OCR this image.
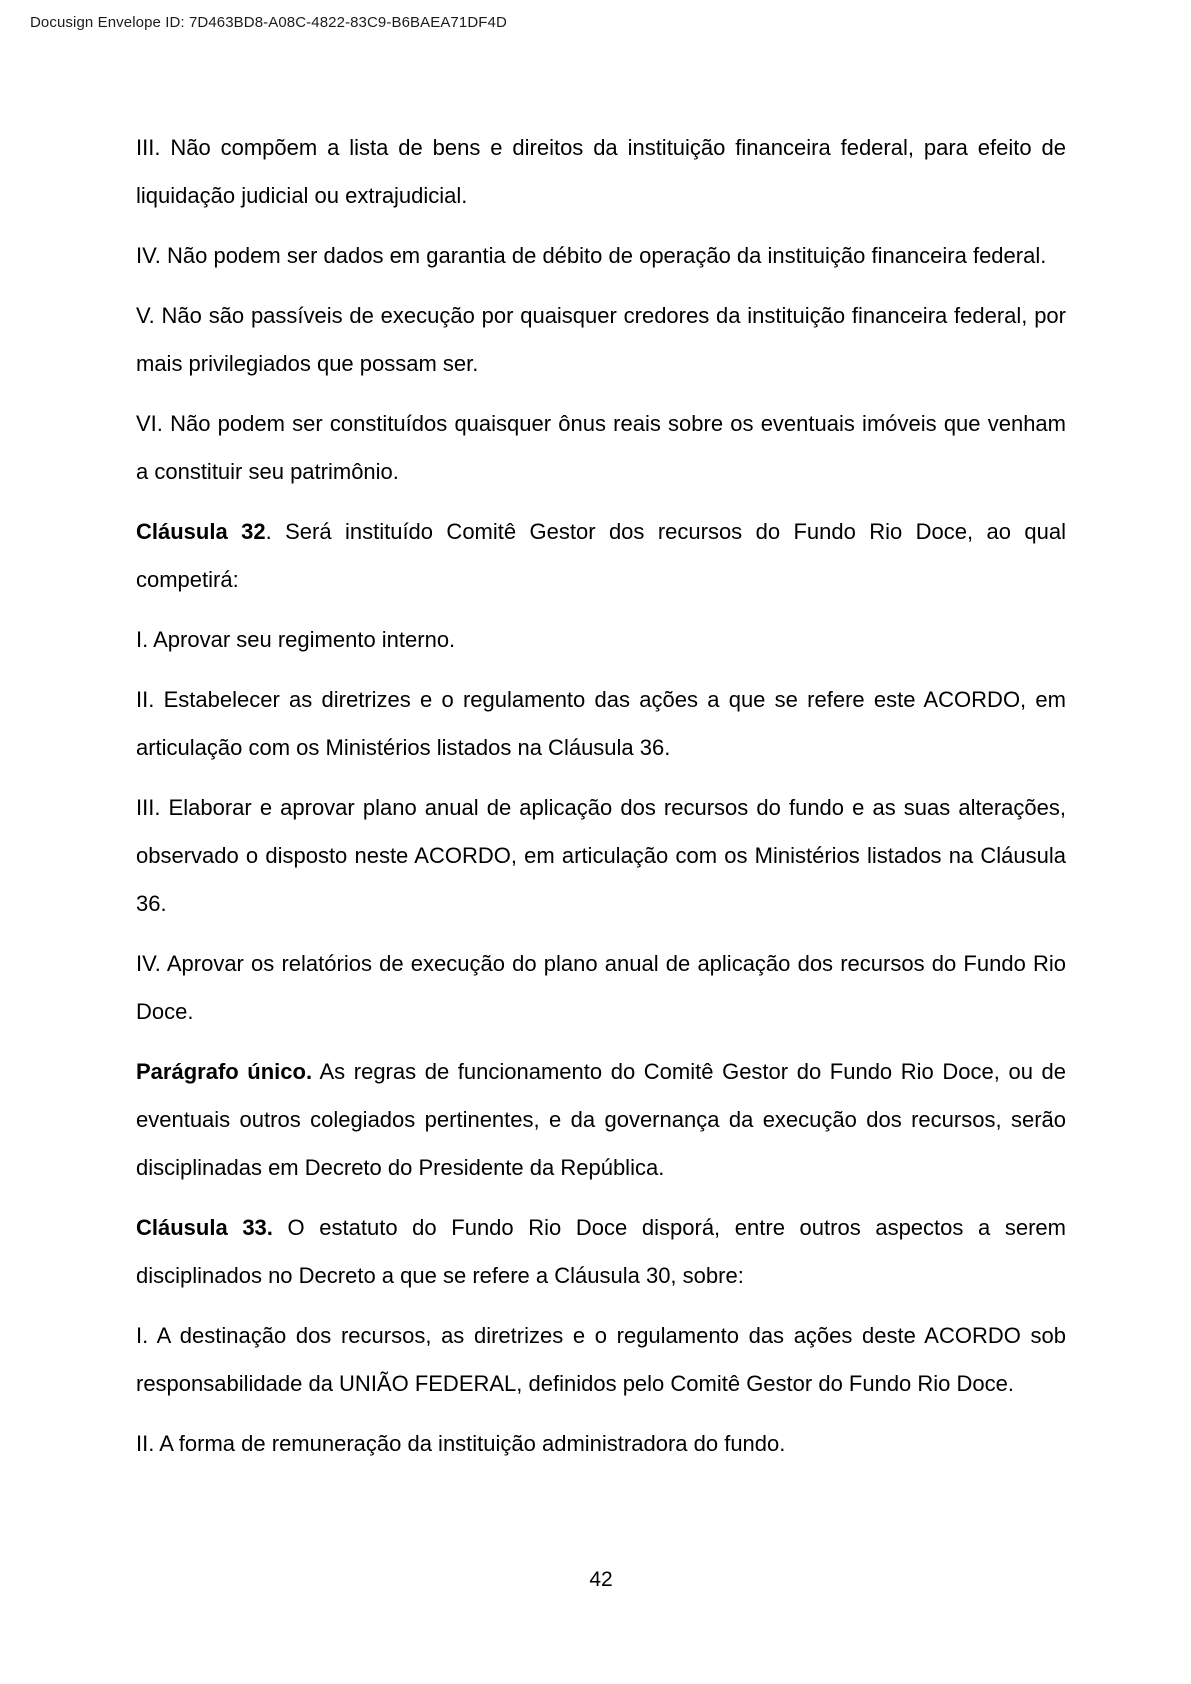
Docusign Envelope ID: 7D463BD8-A08C-4822-83C9-B6BAEA71DF4D

III. Não compõem a lista de bens e direitos da instituição financeira federal, para efeito de liquidação judicial ou extrajudicial.

IV. Não podem ser dados em garantia de débito de operação da instituição financeira federal.

V. Não são passíveis de execução por quaisquer credores da instituição financeira federal, por mais privilegiados que possam ser.

VI. Não podem ser constituídos quaisquer ônus reais sobre os eventuais imóveis que venham a constituir seu patrimônio.

Cláusula 32. Será instituído Comitê Gestor dos recursos do Fundo Rio Doce, ao qual competirá:

I. Aprovar seu regimento interno.

II. Estabelecer as diretrizes e o regulamento das ações a que se refere este ACORDO, em articulação com os Ministérios listados na Cláusula 36.

III. Elaborar e aprovar plano anual de aplicação dos recursos do fundo e as suas alterações, observado o disposto neste ACORDO, em articulação com os Ministérios listados na Cláusula 36.

IV. Aprovar os relatórios de execução do plano anual de aplicação dos recursos do Fundo Rio Doce.

Parágrafo único. As regras de funcionamento do Comitê Gestor do Fundo Rio Doce, ou de eventuais outros colegiados pertinentes, e da governança da execução dos recursos, serão disciplinadas em Decreto do Presidente da República.

Cláusula 33. O estatuto do Fundo Rio Doce disporá, entre outros aspectos a serem disciplinados no Decreto a que se refere a Cláusula 30, sobre:

I. A destinação dos recursos, as diretrizes e o regulamento das ações deste ACORDO sob responsabilidade da UNIÃO FEDERAL, definidos pelo Comitê Gestor do Fundo Rio Doce.

II. A forma de remuneração da instituição administradora do fundo.

42
